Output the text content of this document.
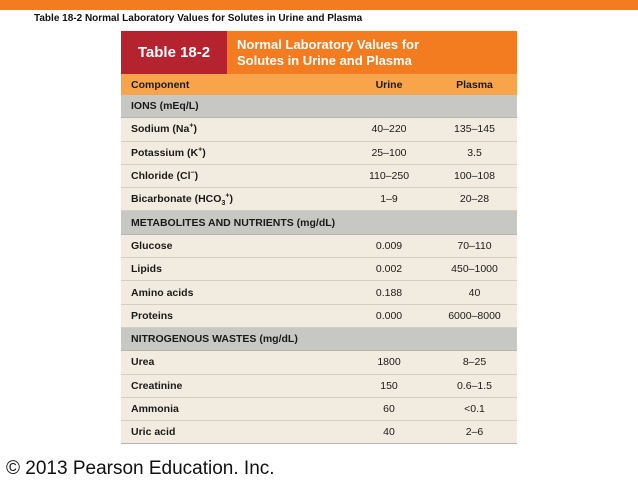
Table 18-2 Normal Laboratory Values for Solutes in Urine and Plasma
Table 18-2	Normal Laboratory Values for
Solutes in Urine and Plasma
Component	Urine	Plasma
IONS (mEq/L)
Sodium (Na+)	40–220	135–145
Potassium (K+)	25–100	3.5
Chloride (Cl−)	110–250	100–108
Bicarbonate $(HCO_3^+)$	1–9	20–28
METABOLITES AND NUTRIENTS (mg/dL)
Glucose	0.009	70–110
Lipids	0.002	450–1000
Amino acids	0.188	40
Proteins	0.000	6000–8000
NITROGENOUS WASTES (mg/dL)
Urea	1800	8–25
Creatinine	150	0.6–1.5
Ammonia	60	<0.1
Uric acid	40	2–6
© 2013 Pearson Education. Inc.
